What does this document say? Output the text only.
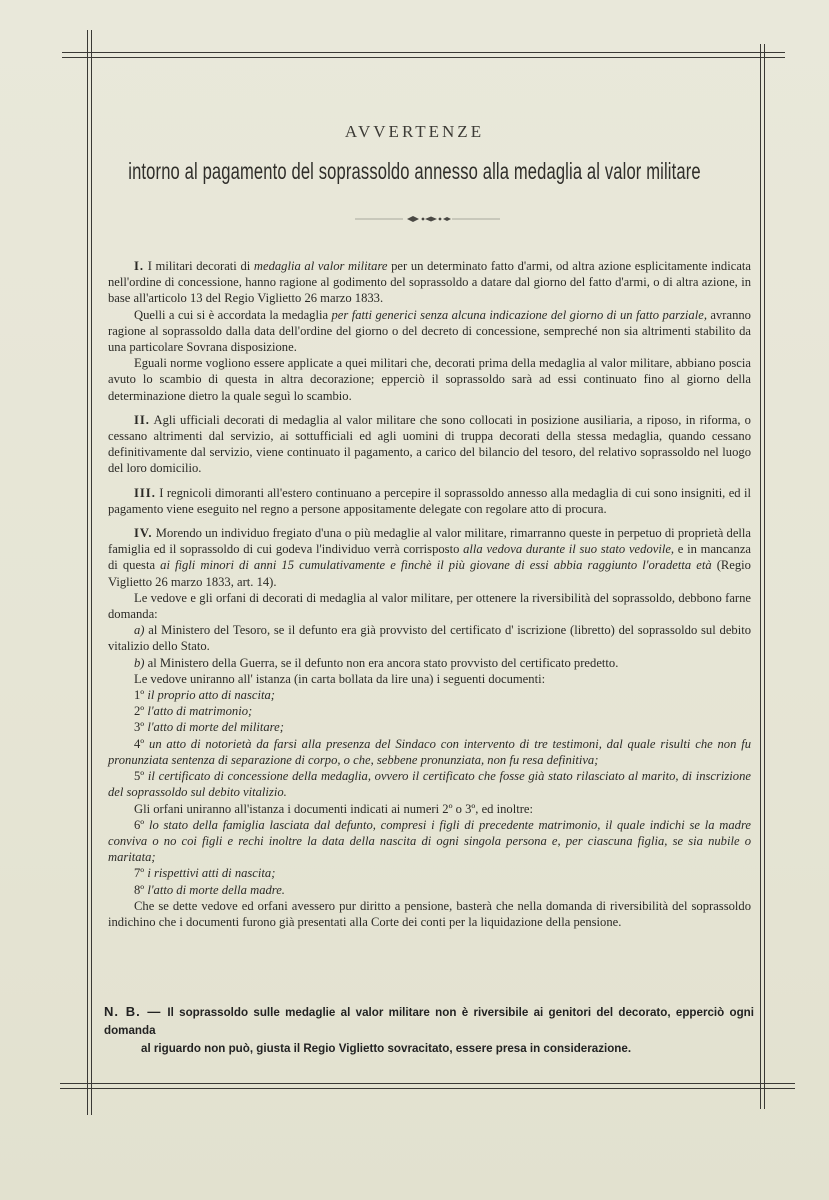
AVVERTENZE
intorno al pagamento del soprassoldo annesso alla medaglia al valor militare

I. I militari decorati di medaglia al valor militare per un determinato fatto d'armi, od altra azione esplicitamente indicata nell'ordine di concessione, hanno ragione al godimento del soprassoldo a datare dal giorno del fatto d'armi, o di altra azione, in base all'articolo 13 del Regio Viglietto 26 marzo 1833.

Quelli a cui si è accordata la medaglia per fatti generici senza alcuna indicazione del giorno di un fatto parziale, avranno ragione al soprassoldo dalla data dell'ordine del giorno o del decreto di concessione, sempreché non sia altrimenti stabilito da una particolare Sovrana disposizione.

Eguali norme vogliono essere applicate a quei militari che, decorati prima della medaglia al valor militare, abbiano poscia avuto lo scambio di questa in altra decorazione; epperciò il soprassoldo sarà ad essi continuato fino al giorno della determinazione dietro la quale seguì lo scambio.

II. Agli ufficiali decorati di medaglia al valor militare che sono collocati in posizione ausiliaria, a riposo, in riforma, o cessano altrimenti dal servizio, ai sottufficiali ed agli uomini di truppa decorati della stessa medaglia, quando cessano definitivamente dal servizio, viene continuato il pagamento, a carico del bilancio del tesoro, del relativo soprassoldo nel luogo del loro domicilio.

III. I regnicoli dimoranti all'estero continuano a percepire il soprassoldo annesso alla medaglia di cui sono insigniti, ed il pagamento viene eseguito nel regno a persone appositamente delegate con regolare atto di procura.

IV. Morendo un individuo fregiato d'una o più medaglie al valor militare, rimarranno queste in perpetuo di proprietà della famiglia ed il soprassoldo di cui godeva l'individuo verrà corrisposto alla vedova durante il suo stato vedovile, e in mancanza di questa ai figli minori di anni 15 cumulativamente e finchè il più giovane di essi abbia raggiunto l'oradetta età (Regio Viglietto 26 marzo 1833, art. 14).

Le vedove e gli orfani di decorati di medaglia al valor militare, per ottenere la riversibilità del soprassoldo, debbono farne domanda:

a) al Ministero del Tesoro, se il defunto era già provvisto del certificato d' iscrizione (libretto) del soprassoldo sul debito vitalizio dello Stato.

b) al Ministero della Guerra, se il defunto non era ancora stato provvisto del certificato predetto.

Le vedove uniranno all' istanza (in carta bollata da lire una) i seguenti documenti:

1º il proprio atto di nascita;

2º l'atto di matrimonio;

3º l'atto di morte del militare;

4º un atto di notorietà da farsi alla presenza del Sindaco con intervento di tre testimoni, dal quale risulti che non fu pronunziata sentenza di separazione di corpo, o che, sebbene pronunziata, non fu resa definitiva;

5º il certificato di concessione della medaglia, ovvero il certificato che fosse già stato rilasciato al marito, di inscrizione del soprassoldo sul debito vitalizio.

Gli orfani uniranno all'istanza i documenti indicati ai numeri 2º o 3º, ed inoltre:

6º lo stato della famiglia lasciata dal defunto, compresi i figli di precedente matrimonio, il quale indichi se la madre conviva o no coi figli e rechi inoltre la data della nascita di ogni singola persona e, per ciascuna figlia, se sia nubile o maritata;

7º i rispettivi atti di nascita;

8º l'atto di morte della madre.

Che se dette vedove ed orfani avessero pur diritto a pensione, basterà che nella domanda di riversibilità del soprassoldo indichino che i documenti furono già presentati alla Corte dei conti per la liquidazione della pensione.

N. B. — Il soprassoldo sulle medaglie al valor militare non è riversibile ai genitori del decorato, epperciò ogni domanda
al riguardo non può, giusta il Regio Viglietto sovracitato, essere presa in considerazione.
